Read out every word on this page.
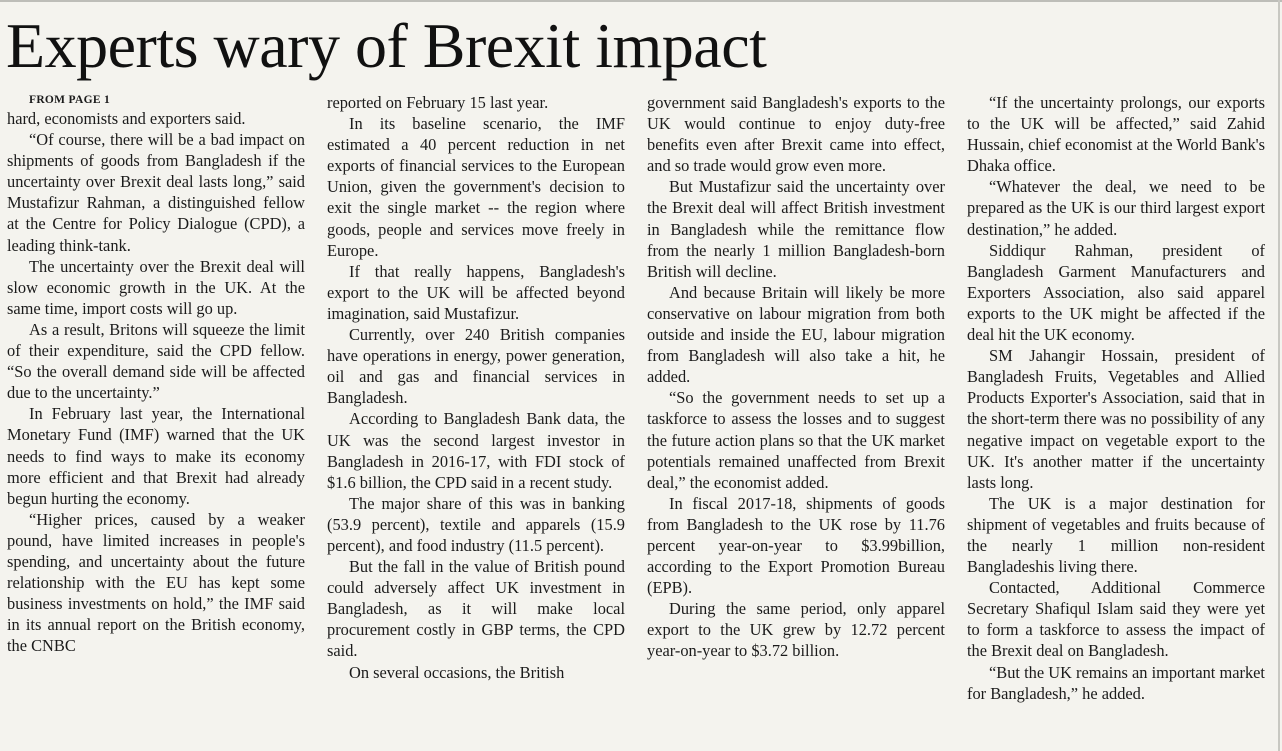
Experts wary of Brexit impact

FROM PAGE 1

hard, economists and exporters said.

“Of course, there will be a bad impact on shipments of goods from Bangladesh if the uncertainty over Brexit deal lasts long,” said Mustafizur Rahman, a distinguished fellow at the Centre for Policy Dialogue (CPD), a leading think-tank.

The uncertainty over the Brexit deal will slow economic growth in the UK. At the same time, import costs will go up.

As a result, Britons will squeeze the limit of their expenditure, said the CPD fellow. “So the overall demand side will be affected due to the uncertainty.”

In February last year, the International Monetary Fund (IMF) warned that the UK needs to find ways to make its economy more efficient and that Brexit had already begun hurting the economy.

“Higher prices, caused by a weaker pound, have limited increases in people's spending, and uncertainty about the future relationship with the EU has kept some business investments on hold,” the IMF said in its annual report on the British economy, the CNBC

reported on February 15 last year.

In its baseline scenario, the IMF estimated a 40 percent reduction in net exports of financial services to the European Union, given the government's decision to exit the single market -- the region where goods, people and services move freely in Europe.

If that really happens, Bangladesh's export to the UK will be affected beyond imagination, said Mustafizur.

Currently, over 240 British companies have operations in energy, power generation, oil and gas and financial services in Bangladesh.

According to Bangladesh Bank data, the UK was the second largest investor in Bangladesh in 2016-17, with FDI stock of $1.6 billion, the CPD said in a recent study.

The major share of this was in banking (53.9 percent), textile and apparels (15.9 percent), and food industry (11.5 percent).

But the fall in the value of British pound could adversely affect UK investment in Bangladesh, as it will make local procurement costly in GBP terms, the CPD said.

On several occasions, the British

government said Bangladesh's exports to the UK would continue to enjoy duty-free benefits even after Brexit came into effect, and so trade would grow even more.

But Mustafizur said the uncertainty over the Brexit deal will affect British investment in Bangladesh while the remittance flow from the nearly 1 million Bangladesh-born British will decline.

And because Britain will likely be more conservative on labour migration from both outside and inside the EU, labour migration from Bangladesh will also take a hit, he added.

“So the government needs to set up a taskforce to assess the losses and to suggest the future action plans so that the UK market potentials remained unaffected from Brexit deal,” the economist added.

In fiscal 2017-18, shipments of goods from Bangladesh to the UK rose by 11.76 percent year-on-year to $3.99billion, according to the Export Promotion Bureau (EPB).

During the same period, only apparel export to the UK grew by 12.72 percent year-on-year to $3.72 billion.

“If the uncertainty prolongs, our exports to the UK will be affected,” said Zahid Hussain, chief economist at the World Bank's Dhaka office.

“Whatever the deal, we need to be prepared as the UK is our third largest export destination,” he added.

Siddiqur Rahman, president of Bangladesh Garment Manufacturers and Exporters Association, also said apparel exports to the UK might be affected if the deal hit the UK economy.

SM Jahangir Hossain, president of Bangladesh Fruits, Vegetables and Allied Products Exporter's Association, said that in the short-term there was no possibility of any negative impact on vegetable export to the UK. It's another matter if the uncertainty lasts long.

The UK is a major destination for shipment of vegetables and fruits because of the nearly 1 million non-resident Bangladeshis living there.

Contacted, Additional Commerce Secretary Shafiqul Islam said they were yet to form a taskforce to assess the impact of the Brexit deal on Bangladesh.

“But the UK remains an important market for Bangladesh,” he added.
